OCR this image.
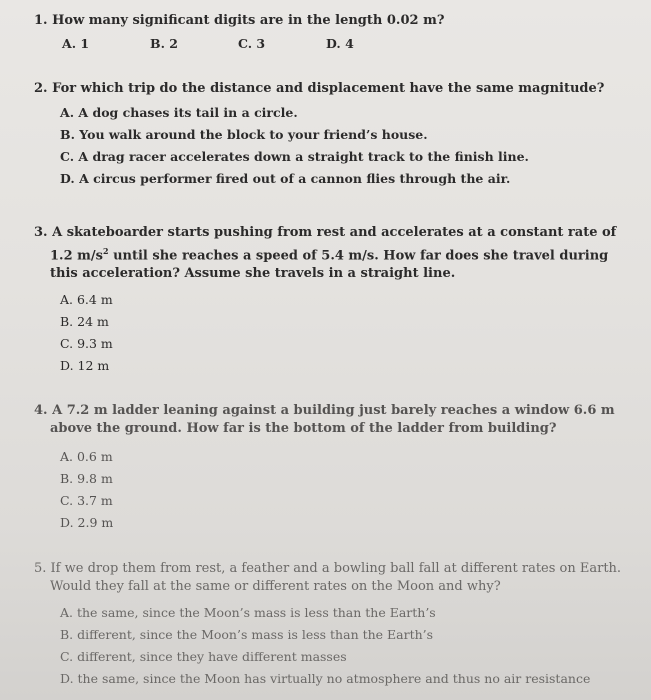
1. How many significant digits are in the length 0.02 m?

A. 1	B. 2	C. 3	D. 4

2. For which trip do the distance and displacement have the same magnitude?

A. A dog chases its tail in a circle.

B. You walk around the block to your friend’s house.

C. A drag racer accelerates down a straight track to the finish line.

D. A circus performer fired out of a cannon flies through the air.

3. A skateboarder starts pushing from rest and accelerates at a constant rate of 1.2 $m/s^2$ until she reaches a speed of 5.4 m/s. How far does she travel during this acceleration? Assume she travels in a straight line.

A. 6.4 m

B. 24 m

C. 9.3 m

D. 12 m

4. A 7.2 m ladder leaning against a building just barely reaches a window 6.6 m above the ground. How far is the bottom of the ladder from building?

A. 0.6 m

B. 9.8 m

C. 3.7 m

D. 2.9 m

5. If we drop them from rest, a feather and a bowling ball fall at different rates on Earth. Would they fall at the same or different rates on the Moon and why?

A. the same, since the Moon’s mass is less than the Earth’s

B. different, since the Moon’s mass is less than the Earth’s

C. different, since they have different masses

D. the same, since the Moon has virtually no atmosphere and thus no air resistance
